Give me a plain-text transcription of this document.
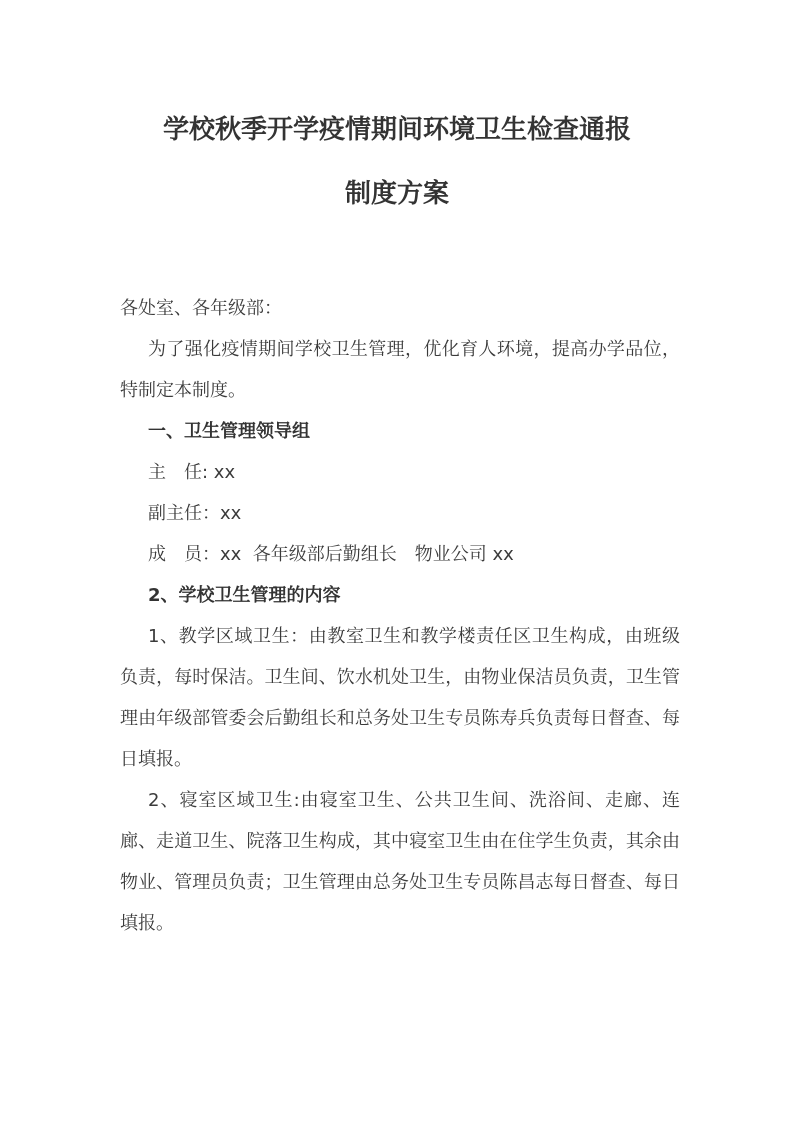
学校秋季开学疫情期间环境卫生检查通报
制度方案

各处室、各年级部：

为了强化疫情期间学校卫生管理，优化育人环境，提高办学品位，特制定本制度。

一、卫生管理领导组

主　任: xx

副主任：xx

成　员：xx  各年级部后勤组长　物业公司 xx

2、学校卫生管理的内容

1、教学区域卫生：由教室卫生和教学楼责任区卫生构成，由班级负责，每时保洁。卫生间、饮水机处卫生，由物业保洁员负责，卫生管理由年级部管委会后勤组长和总务处卫生专员陈寿兵负责每日督查、每日填报。

2、寝室区域卫生:由寝室卫生、公共卫生间、洗浴间、走廊、连廊、走道卫生、院落卫生构成，其中寝室卫生由在住学生负责，其余由物业、管理员负责；卫生管理由总务处卫生专员陈昌志每日督查、每日填报。
